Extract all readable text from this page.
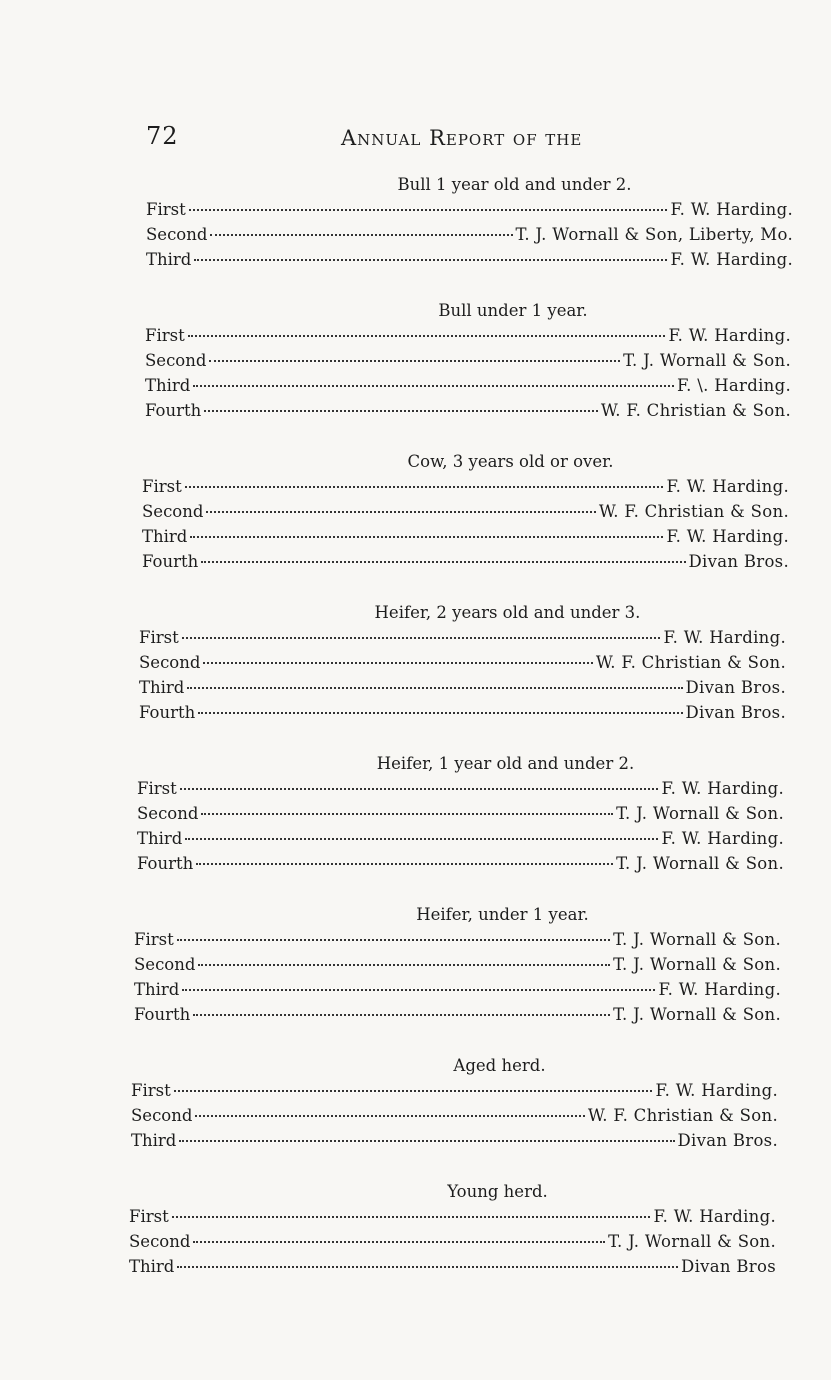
72	Annual Report of the
Bull 1 year old and under 2.
First	F. W. Harding.
Second	T. J. Wornall & Son, Liberty, Mo.
Third	F. W. Harding.
Bull under 1 year.
First	F. W. Harding.
Second	T. J. Wornall & Son.
Third	F. \. Harding.
Fourth	W. F. Christian & Son.
Cow, 3 years old or over.
First	F. W. Harding.
Second	W. F. Christian & Son.
Third	F. W. Harding.
Fourth	Divan Bros.
Heifer, 2 years old and under 3.
First	F. W. Harding.
Second	W. F. Christian & Son.
Third	Divan Bros.
Fourth	Divan Bros.
Heifer, 1 year old and under 2.
First	F. W. Harding.
Second	T. J. Wornall & Son.
Third	F. W. Harding.
Fourth	T. J. Wornall & Son.
Heifer, under 1 year.
First	T. J. Wornall & Son.
Second	T. J. Wornall & Son.
Third	F. W. Harding.
Fourth	T. J. Wornall & Son.
Aged herd.
First	F. W. Harding.
Second	W. F. Christian & Son.
Third	Divan Bros.
Young herd.
First	F. W. Harding.
Second	T. J. Wornall & Son.
Third	Divan Bros
